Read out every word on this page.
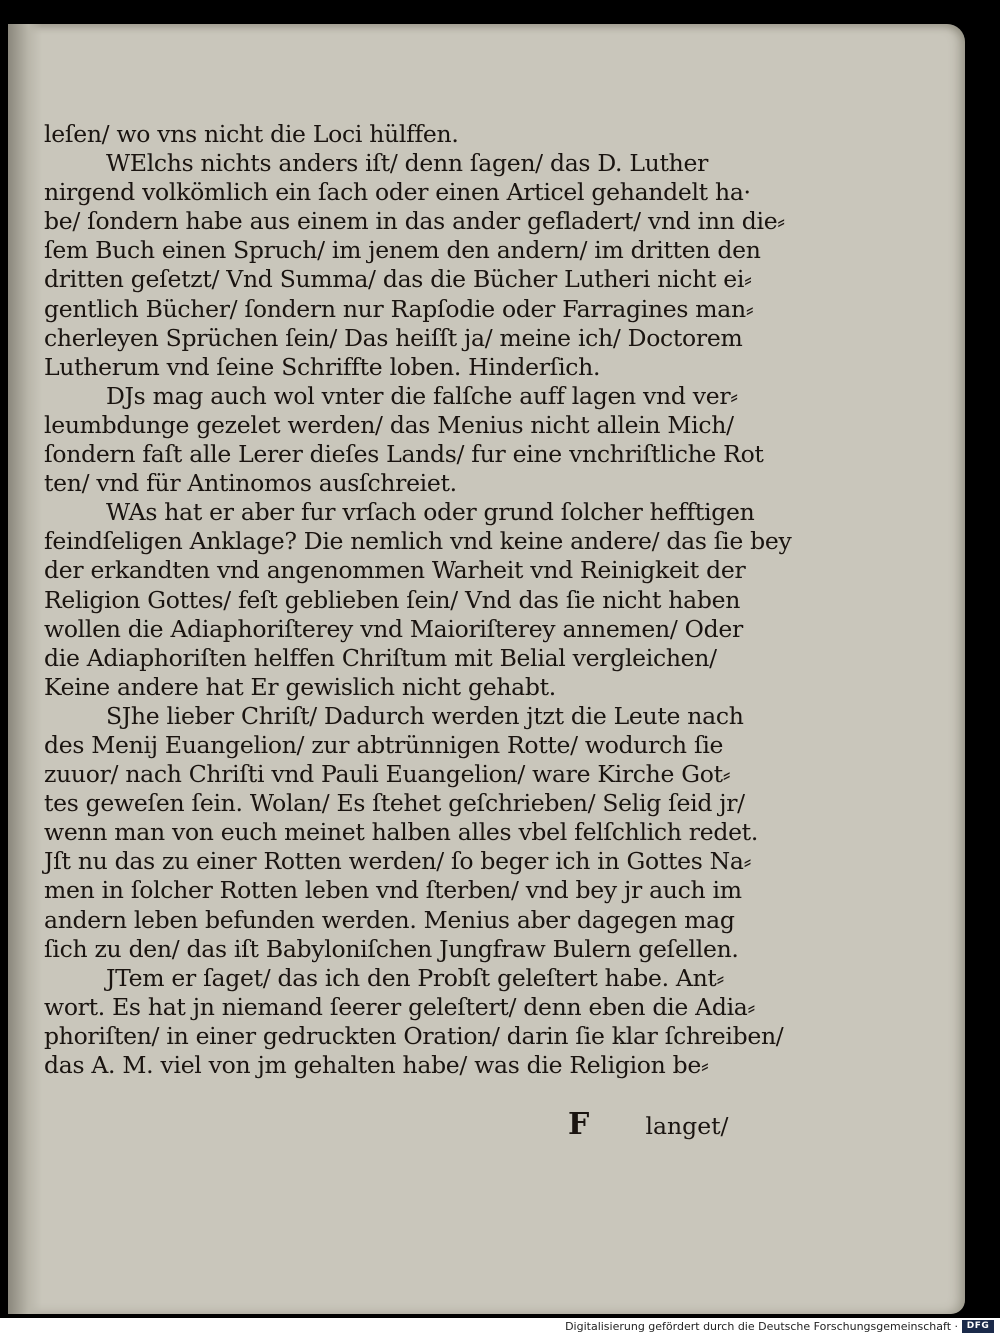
leſen/ wo vns nicht die Loci hülffen.
WElchs nichts anders iſt/ denn ſagen/ das D. Luther
nirgend volkömlich ein ſach oder einen Articel gehandelt ha·
be/ ſondern habe aus einem in das ander gefladert/ vnd inn die⸗
ſem Buch einen Spruch/ im jenem den andern/ im dritten den
dritten geſetzt/ Vnd Summa/ das die Bücher Lutheri nicht ei⸗
gentlich Bücher/ ſondern nur Rapſodie oder Farragines man⸗
cherleyen Sprüchen ſein/ Das heiſſt ja/ meine ich/ Doctorem
Lutherum vnd ſeine Schriffte loben. Hinderſich.
DJs mag auch wol vnter die falſche auff lagen vnd ver⸗
leumbdunge gezelet werden/ das Menius nicht allein Mich/
ſondern faſt alle Lerer dieſes Lands/ fur eine vnchriſtliche Rot
ten/ vnd für Antinomos ausſchreiet.
WAs hat er aber fur vrſach oder grund ſolcher hefftigen
feindſeligen Anklage? Die nemlich vnd keine andere/ das ſie bey
der erkandten vnd angenommen Warheit vnd Reinigkeit der
Religion Gottes/ feſt geblieben ſein/ Vnd das ſie nicht haben
wollen die Adiaphoriſterey vnd Maioriſterey annemen/ Oder
die Adiaphoriſten helffen Chriſtum mit Belial vergleichen/
Keine andere hat Er gewislich nicht gehabt.
SJhe lieber Chriſt/ Dadurch werden jtzt die Leute nach
des Menij Euangelion/ zur abtrünnigen Rotte/ wodurch ſie
zuuor/ nach Chriſti vnd Pauli Euangelion/ ware Kirche Got⸗
tes geweſen ſein. Wolan/ Es ſtehet geſchrieben/ Selig ſeid jr/
wenn man von euch meinet halben alles vbel felſchlich redet.
Jſt nu das zu einer Rotten werden/ ſo beger ich in Gottes Na⸗
men in ſolcher Rotten leben vnd ſterben/ vnd bey jr auch im
andern leben befunden werden. Menius aber dagegen mag
ſich zu den/ das iſt Babyloniſchen Jungfraw Bulern geſellen.
JTem er ſaget/ das ich den Probſt geleſtert habe. Ant⸗
wort. Es hat jn niemand ſeerer geleſtert/ denn eben die Adia⸗
phoriſten/ in einer gedruckten Oration/ darin ſie klar ſchreiben/
das A. M. viel von jm gehalten habe/ was die Religion be⸗
F langet/
Digitalisierung gefördert durch die Deutsche Forschungsgemeinschaft · DFG
